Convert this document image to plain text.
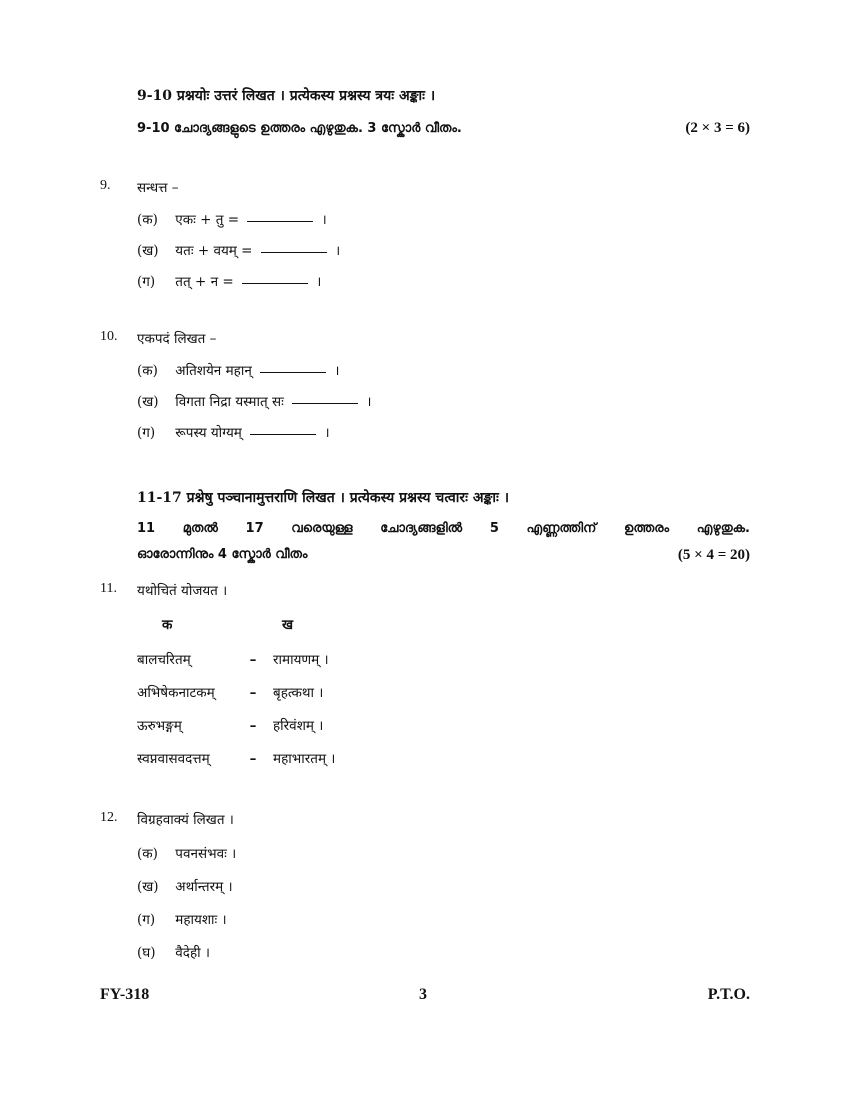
9-10 प्रश्नयोः उत्तरं लिखत । प्रत्येकस्य प्रश्नस्य त्रयः अङ्काः ।
9-10 ചോദ്യങ്ങളുടെ ഉത്തരം എഴുതുക. 3 സ്കോർ വീതം.	(2 × 3 = 6)
9. सन्धत्त –
(क) एकः + तु =	।
(ख) यतः + वयम् =	।
(ग) तत् + न =	।
10. एकपदं लिखत –
(क) अतिशयेन महान्	।
(ख) विगता निद्रा यस्मात् सः	।
(ग) रूपस्य योग्यम्	।
11-17 प्रश्नेषु पञ्चानामुत्तराणि लिखत । प्रत्येकस्य प्रश्नस्य चत्वारः अङ्काः ।
11 മുതൽ 17 വരെയുള്ള ചോദ്യങ്ങളിൽ 5 എണ്ണത്തിന് ഉത്തരം എഴുതുക.
ഓരോന്നിനും 4 സ്കോർ വീതം	(5 × 4 = 20)
11. यथोचितं योजयत ।
क	ख
बालचरितम्	– रामायणम् ।
अभिषेकनाटकम्	– बृहत्कथा ।
ऊरुभङ्गम्	– हरिवंशम् ।
स्वप्नवासवदत्तम्	– महाभारतम् ।
12. विग्रहवाक्यं लिखत ।
(क) पवनसंभवः ।
(ख) अर्थान्तरम् ।
(ग) महायशाः ।
(घ) वैदेही ।
FY-318	3	P.T.O.
